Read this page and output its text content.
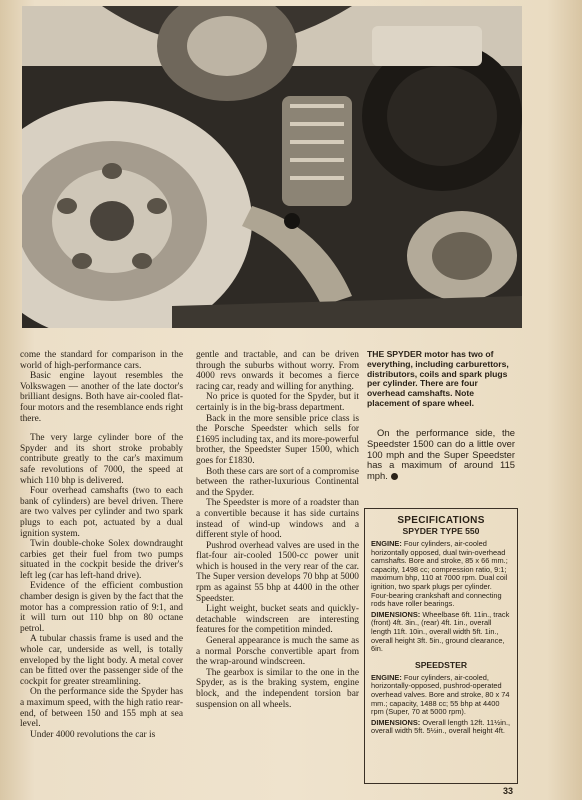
come the standard for comparison in the world of high-performance cars.

Basic engine layout resembles the Volkswagen — another of the late doctor's brilliant designs. Both have air-cooled flat-four motors and the resemblance ends right there.

The very large cylinder bore of the Spyder and its short stroke probably contribute greatly to the car's maximum safe revolutions of 7000, the speed at which 110 bhp is delivered.

Four overhead camshafts (two to each bank of cylinders) are bevel driven. There are two valves per cylinder and two spark plugs to each pot, actuated by a dual ignition system.

Twin double-choke Solex downdraught carbies get their fuel from two pumps situated in the cockpit beside the driver's left leg (car has left-hand drive).

Evidence of the efficient combustion chamber design is given by the fact that the motor has a compression ratio of 9:1, and it will turn out 110 bhp on 80 octane petrol.

A tubular chassis frame is used and the whole car, underside as well, is totally enveloped by the light body. A metal cover can be fitted over the passenger side of the cockpit for greater streamlining.

On the performance side the Spyder has a maximum speed, with the high ratio rear-end, of between 150 and 155 mph at sea level.

Under 4000 revolutions the car is

gentle and tractable, and can be driven through the suburbs without worry. From 4000 revs onwards it becomes a fierce racing car, ready and willing for anything.

No price is quoted for the Spyder, but it certainly is in the big-brass department.

Back in the more sensible price class is the Porsche Speedster which sells for £1695 including tax, and its more-powerful brother, the Speedster Super 1500, which goes for £1830.

Both these cars are sort of a compromise between the rather-luxurious Continental and the Spyder.

The Speedster is more of a roadster than a convertible because it has side curtains instead of wind-up windows and a different style of hood.

Pushrod overhead valves are used in the flat-four air-cooled 1500-cc power unit which is housed in the very rear of the car. The Super version develops 70 bhp at 5000 rpm as against 55 bhp at 4400 in the other Speedster.

Light weight, bucket seats and quickly-detachable windscreen are interesting features for the competition minded.

General appearance is much the same as a normal Porsche convertible apart from the wrap-around windscreen.

The gearbox is similar to the one in the Spyder, as is the braking system, engine block, and the independent torsion bar suspension on all wheels.

THE SPYDER motor has two of everything, including carburettors, distributors, coils and spark plugs per cylinder. There are four overhead camshafts. Note placement of spare wheel.

On the performance side, the Speedster 1500 can do a little over 100 mph and the Super Speedster has a maximum of around 115 mph.

SPECIFICATIONS
SPYDER TYPE 550

ENGINE: Four cylinders, air-cooled horizontally opposed, dual twin-overhead camshafts. Bore and stroke, 85 x 66 mm.; capacity, 1498 cc; compression ratio, 9:1; maximum bhp, 110 at 7000 rpm. Dual coil ignition, two spark plugs per cylinder. Four-bearing crankshaft and connecting rods have roller bearings.

DIMENSIONS: Wheelbase 6ft. 11in., track (front) 4ft. 3in., (rear) 4ft. 1in., overall length 11ft. 10in., overall width 5ft. 1in., overall height 3ft. 5in., ground clearance, 6in.

SPEEDSTER

ENGINE: Four cylinders, air-cooled, horizontally-opposed, pushrod-operated overhead valves. Bore and stroke, 80 x 74 mm.; capacity, 1488 cc; 55 bhp at 4400 rpm (Super, 70 at 5000 rpm).

DIMENSIONS: Overall length 12ft. 11½in., overall width 5ft. 5½in., overall height 4ft.

33
